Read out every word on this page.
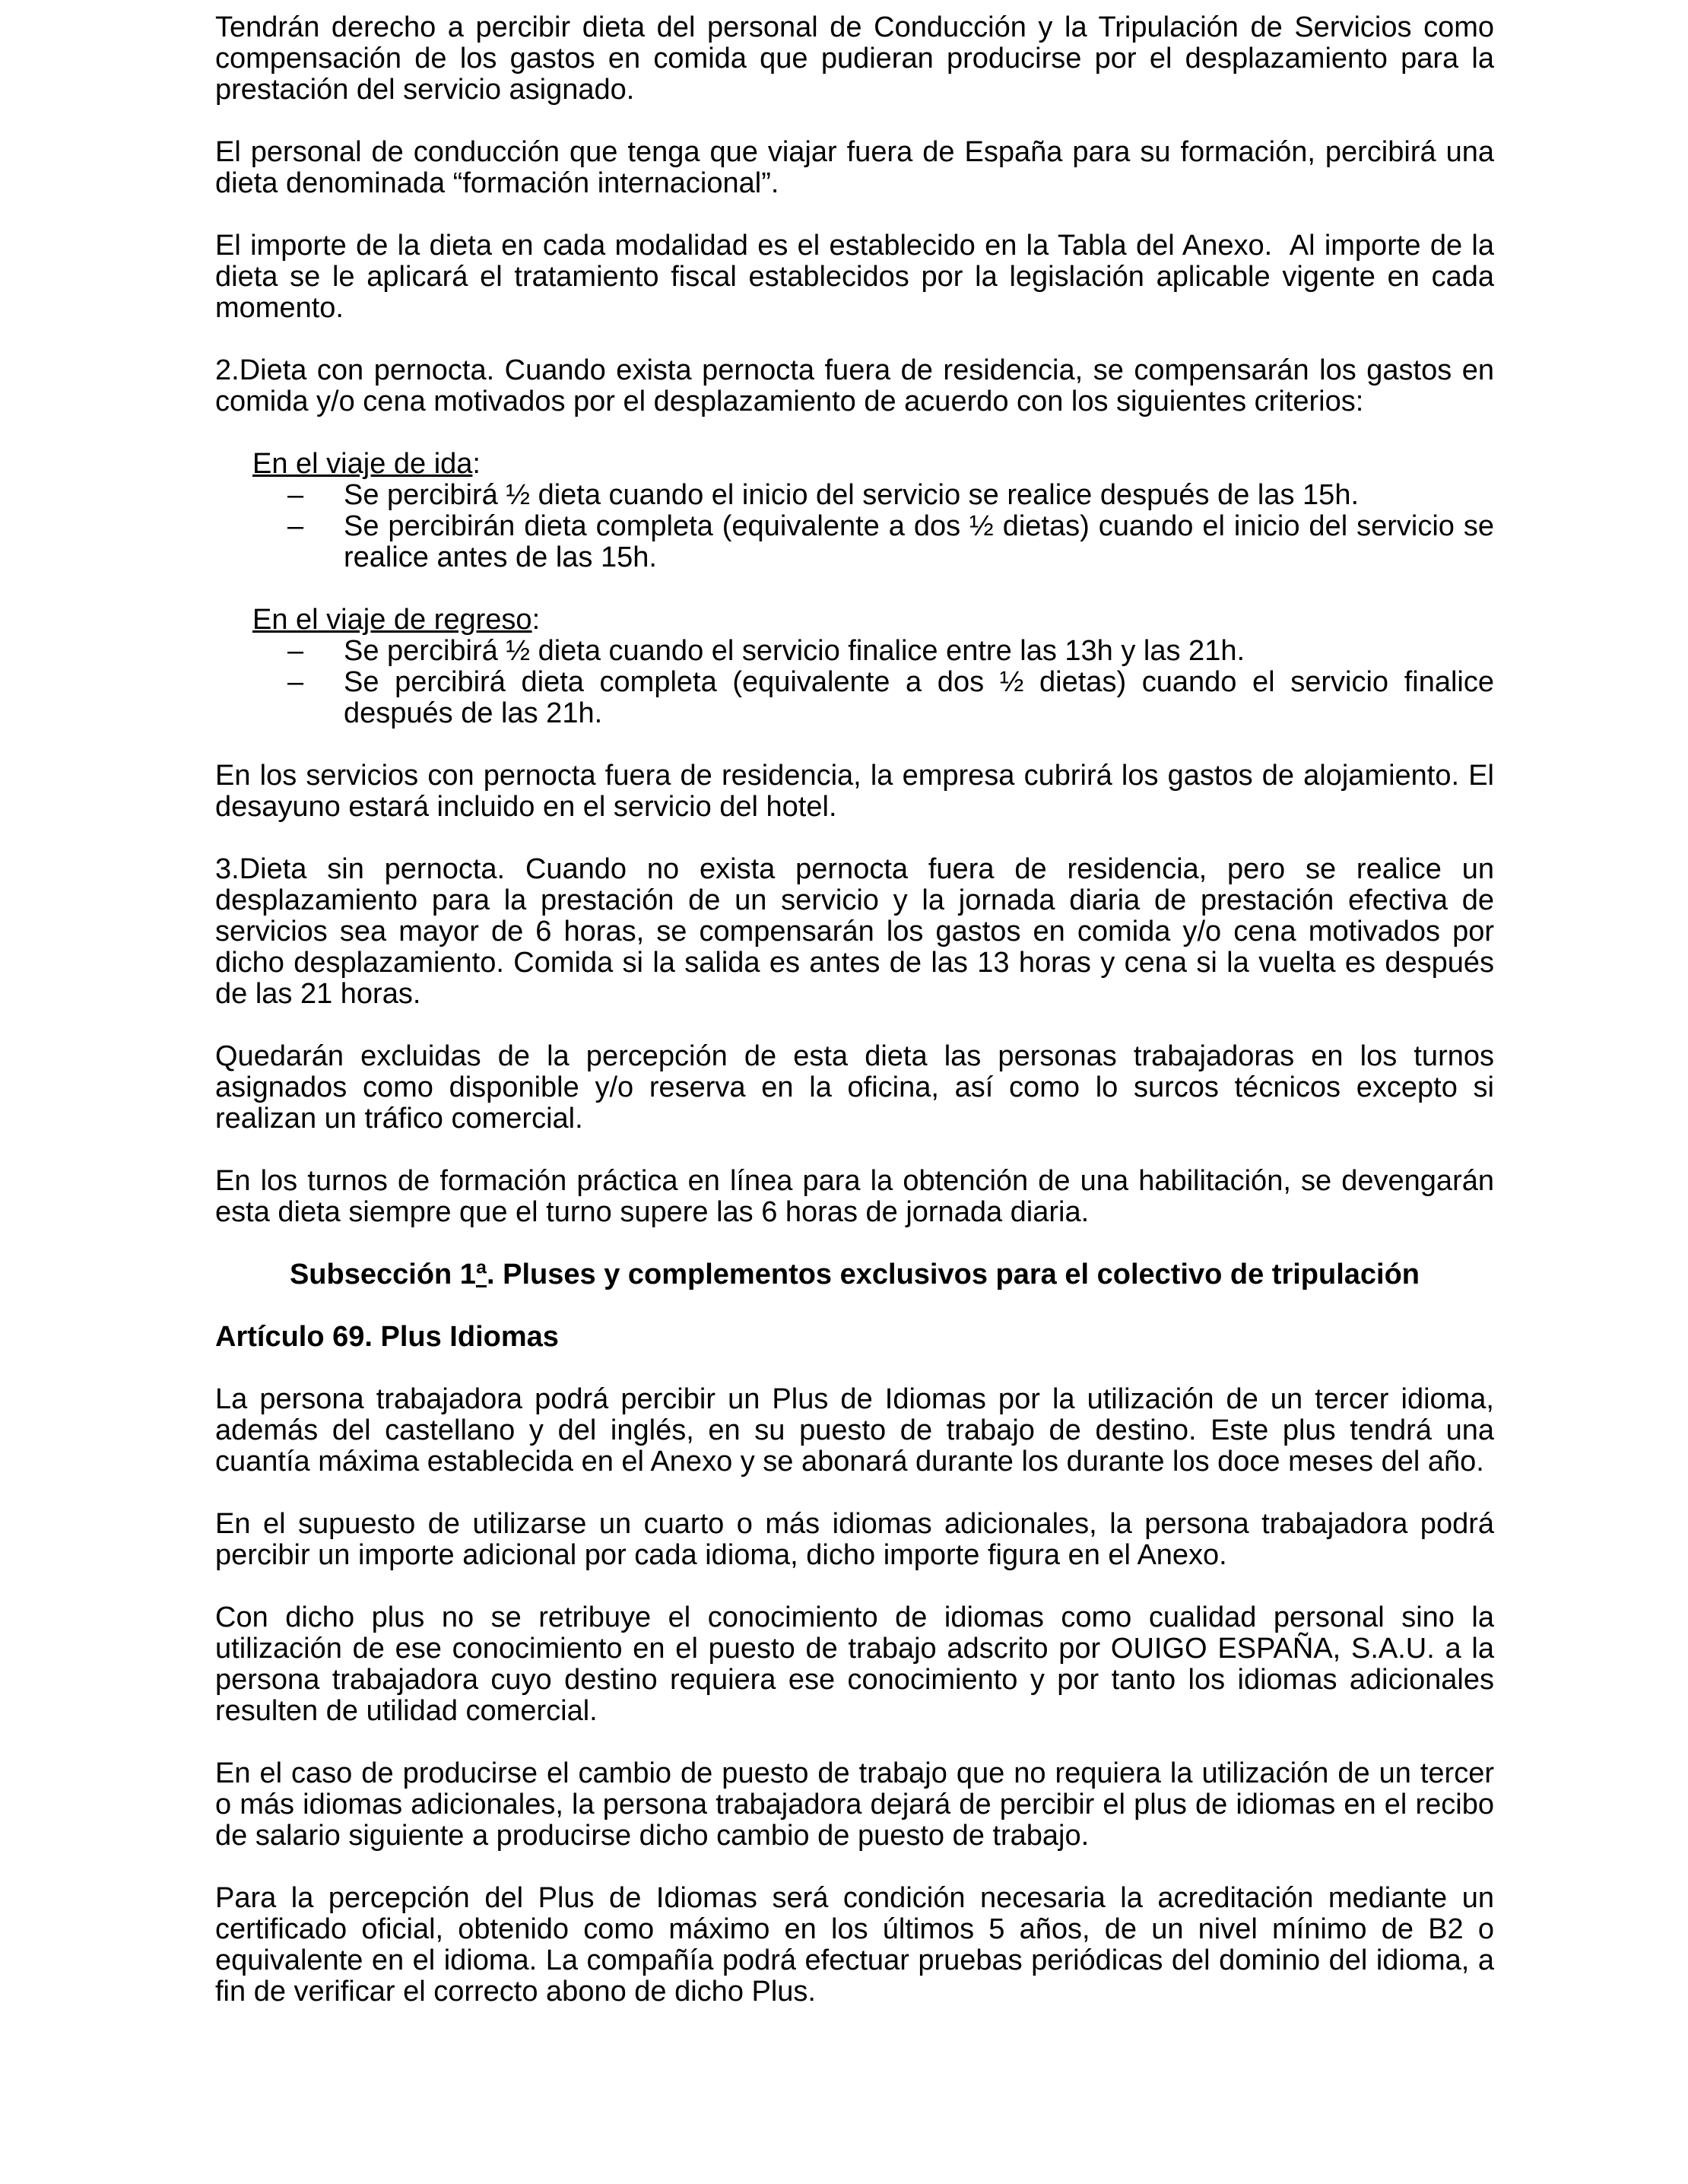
Tendrán derecho a percibir dieta del personal de Conducción y la Tripulación de Servicios como compensación de los gastos en comida que pudieran producirse por el desplazamiento para la prestación del servicio asignado.

El personal de conducción que tenga que viajar fuera de España para su formación, percibirá una dieta denominada “formación internacional”.

El importe de la dieta en cada modalidad es el establecido en la Tabla del Anexo.  Al importe de la dieta se le aplicará el tratamiento fiscal establecidos por la legislación aplicable vigente en cada momento.

2.Dieta con pernocta. Cuando exista pernocta fuera de residencia, se compensarán los gastos en comida y/o cena motivados por el desplazamiento de acuerdo con los siguientes criterios:

En el viaje de ida:
– Se percibirá ½ dieta cuando el inicio del servicio se realice después de las 15h.
– Se percibirán dieta completa (equivalente a dos ½ dietas) cuando el inicio del servicio se realice antes de las 15h.
En el viaje de regreso:
– Se percibirá ½ dieta cuando el servicio finalice entre las 13h y las 21h.
– Se percibirá dieta completa (equivalente a dos ½ dietas) cuando el servicio finalice después de las 21h.

En los servicios con pernocta fuera de residencia, la empresa cubrirá los gastos de alojamiento. El desayuno estará incluido en el servicio del hotel.

3.Dieta sin pernocta. Cuando no exista pernocta fuera de residencia, pero se realice un desplazamiento para la prestación de un servicio y la jornada diaria de prestación efectiva de servicios sea mayor de 6 horas, se compensarán los gastos en comida y/o cena motivados por dicho desplazamiento. Comida si la salida es antes de las 13 horas y cena si la vuelta es después de las 21 horas.

Quedarán excluidas de la percepción de esta dieta las personas trabajadoras en los turnos asignados como disponible y/o reserva en la oficina, así como lo surcos técnicos excepto si realizan un tráfico comercial.

En los turnos de formación práctica en línea para la obtención de una habilitación, se devengarán esta dieta siempre que el turno supere las 6 horas de jornada diaria.

Subsección 1ª. Pluses y complementos exclusivos para el colectivo de tripulación
Artículo 69. Plus Idiomas

La persona trabajadora podrá percibir un Plus de Idiomas por la utilización de un tercer idioma, además del castellano y del inglés, en su puesto de trabajo de destino. Este plus tendrá una cuantía máxima establecida en el Anexo y se abonará durante los durante los doce meses del año.

En el supuesto de utilizarse un cuarto o más idiomas adicionales, la persona trabajadora podrá percibir un importe adicional por cada idioma, dicho importe figura en el Anexo.

Con dicho plus no se retribuye el conocimiento de idiomas como cualidad personal sino la utilización de ese conocimiento en el puesto de trabajo adscrito por OUIGO ESPAÑA, S.A.U. a la persona trabajadora cuyo destino requiera ese conocimiento y por tanto los idiomas adicionales resulten de utilidad comercial.

En el caso de producirse el cambio de puesto de trabajo que no requiera la utilización de un tercer o más idiomas adicionales, la persona trabajadora dejará de percibir el plus de idiomas en el recibo de salario siguiente a producirse dicho cambio de puesto de trabajo.

Para la percepción del Plus de Idiomas será condición necesaria la acreditación mediante un certificado oficial, obtenido como máximo en los últimos 5 años, de un nivel mínimo de B2 o equivalente en el idioma. La compañía podrá efectuar pruebas periódicas del dominio del idioma, a fin de verificar el correcto abono de dicho Plus.
